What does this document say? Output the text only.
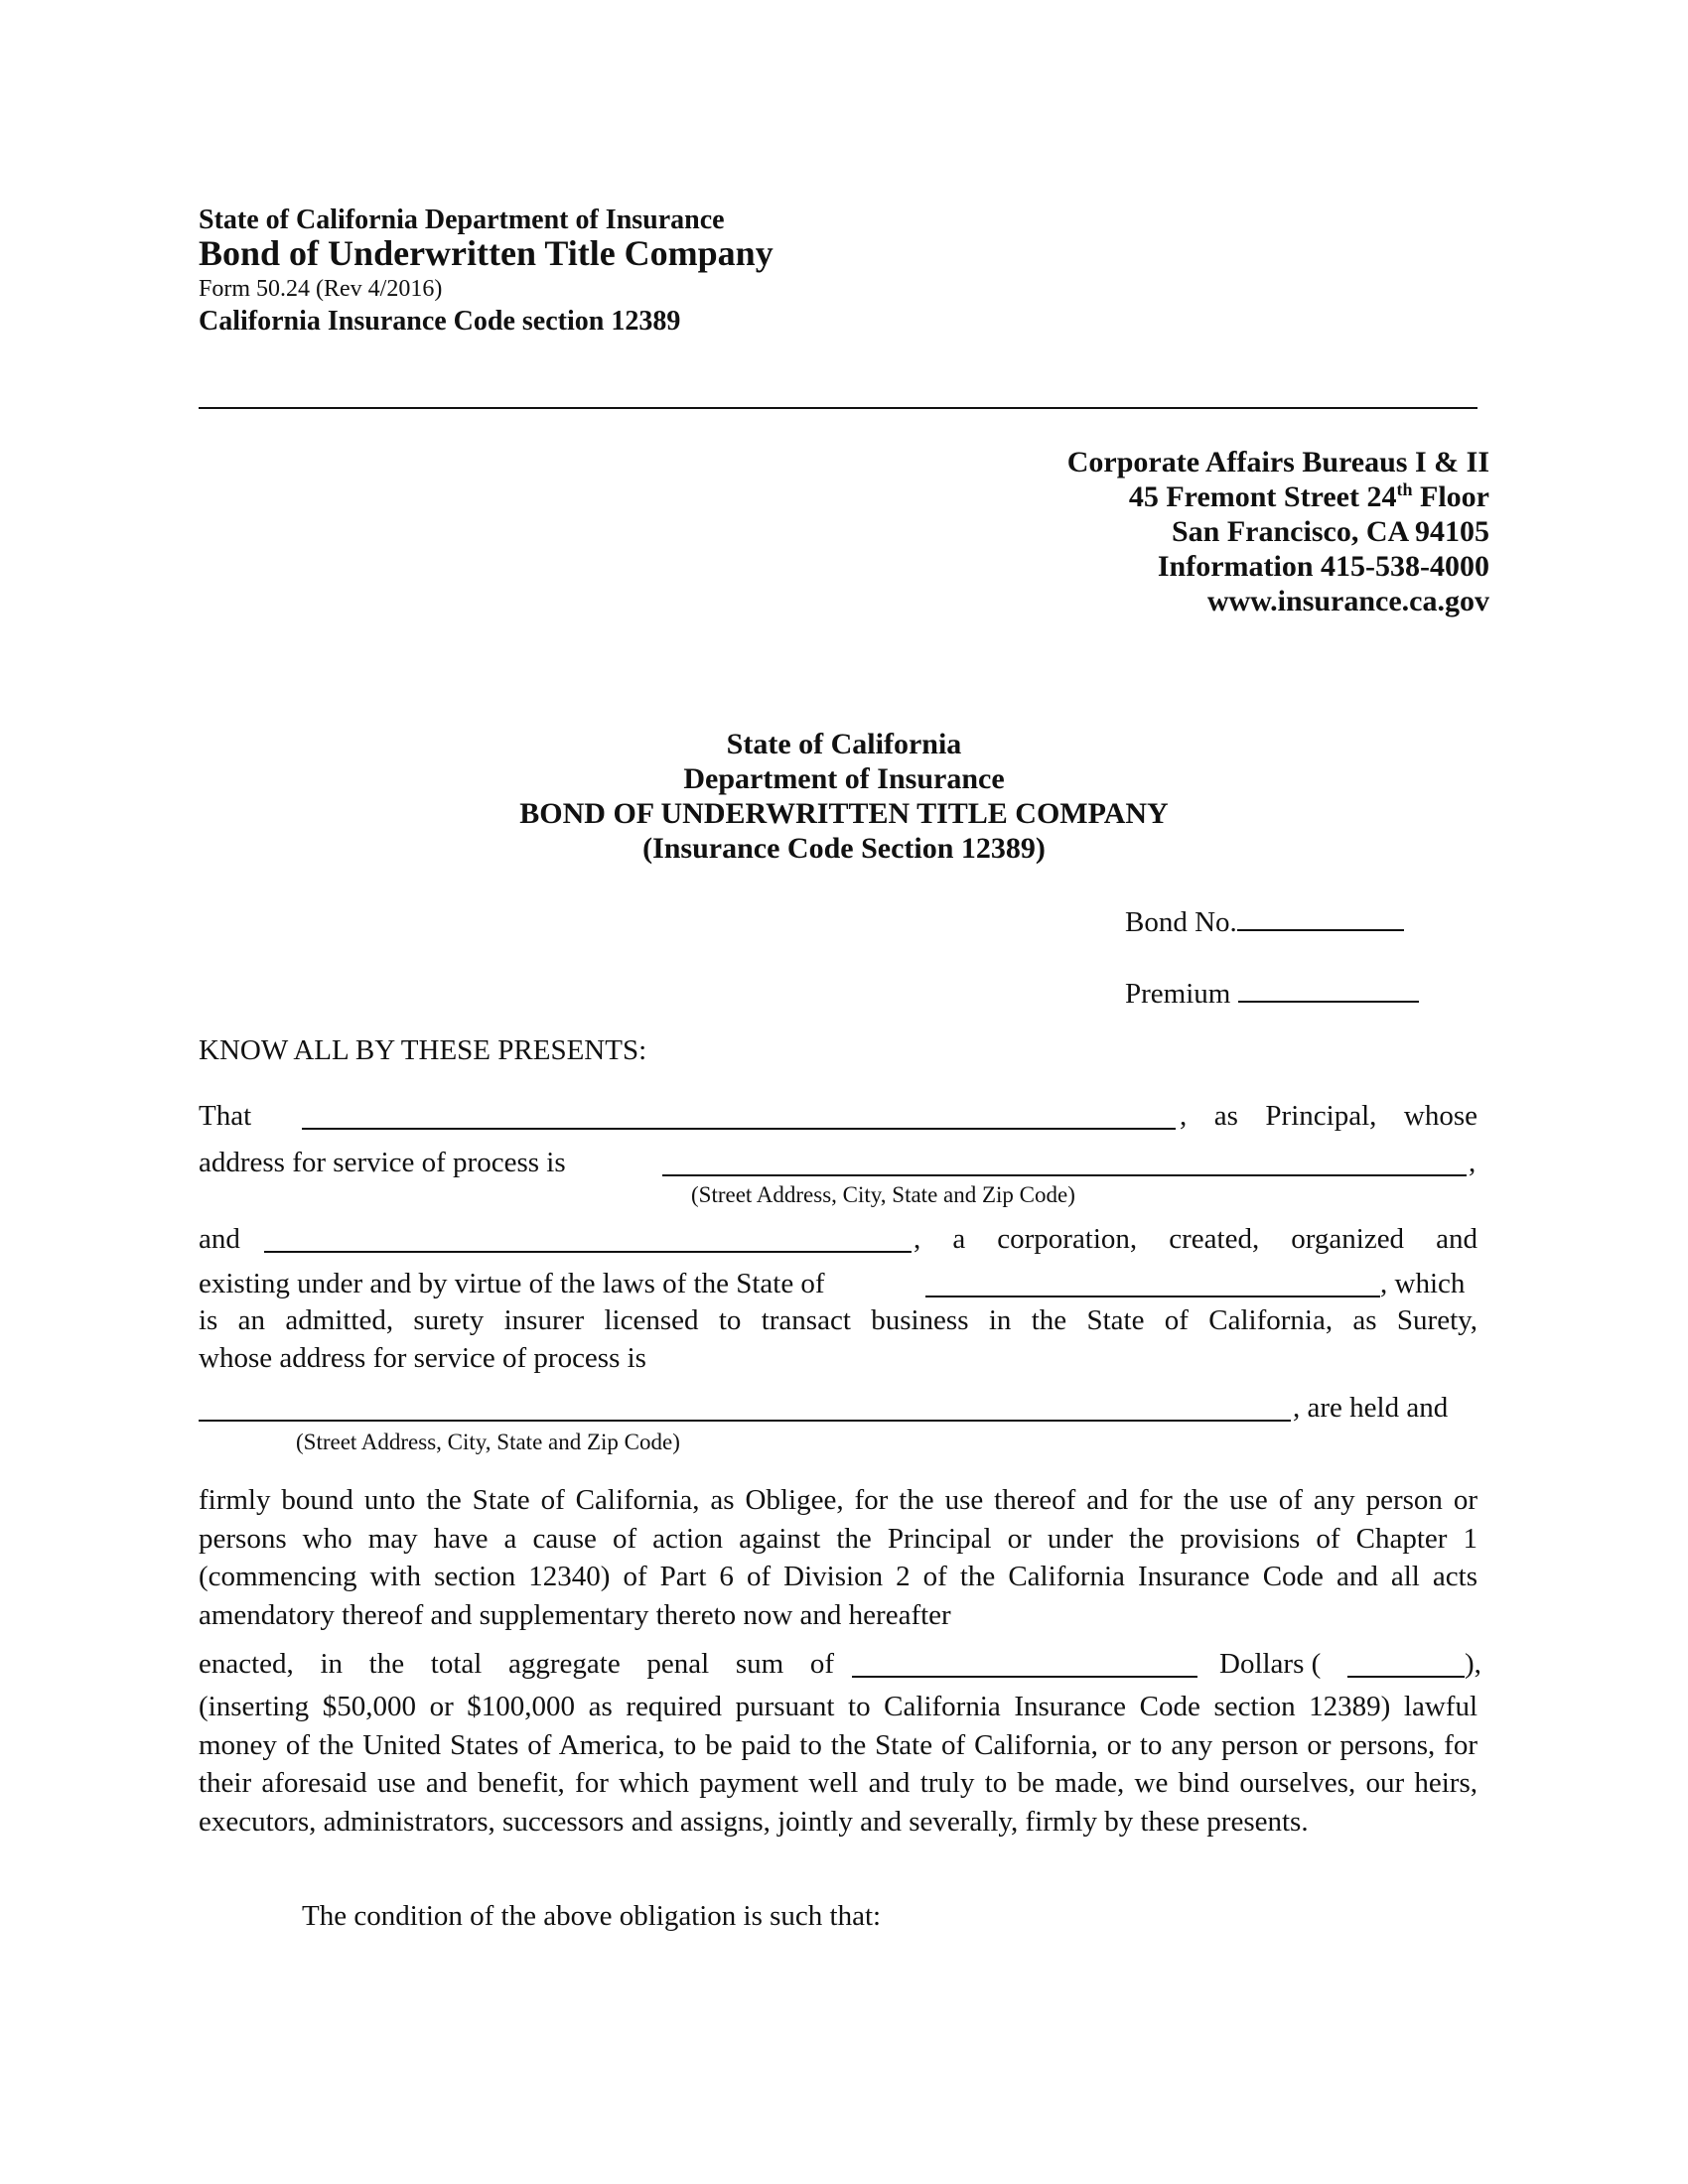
State of California Department of Insurance
Bond of Underwritten Title Company
Form 50.24 (Rev 4/2016)
California Insurance Code section 12389
Corporate Affairs Bureaus I & II
45 Fremont Street 24th Floor
San Francisco, CA 94105
Information 415-538-4000
www.insurance.ca.gov
State of California
Department of Insurance
BOND OF UNDERWRITTEN TITLE COMPANY
(Insurance Code Section 12389)
Bond No.
Premium
KNOW ALL BY THESE PRESENTS:
That	, as Principal, whose
address for service of process is	,
(Street Address, City, State and Zip Code)
and	, a corporation, created, organized and
existing under and by virtue of the laws of the State of	, which
is an admitted, surety insurer licensed to transact business in the State of California, as Surety,
whose address for service of process is
, are held and
(Street Address, City, State and Zip Code)
firmly bound unto the State of California, as Obligee, for the use thereof and for the use of any person or persons who may have a cause of action against the Principal or under the provisions of Chapter 1 (commencing with section 12340) of Part 6 of Division 2 of the California Insurance Code and all acts amendatory thereof and supplementary thereto now and hereafter
enacted, in the total aggregate penal sum of	Dollars (	),
(inserting $50,000 or $100,000 as required pursuant to California Insurance Code section 12389) lawful money of the United States of America, to be paid to the State of California, or to any person or persons, for their aforesaid use and benefit, for which payment well and truly to be made, we bind ourselves, our heirs, executors, administrators, successors and assigns, jointly and severally, firmly by these presents.
The condition of the above obligation is such that:
